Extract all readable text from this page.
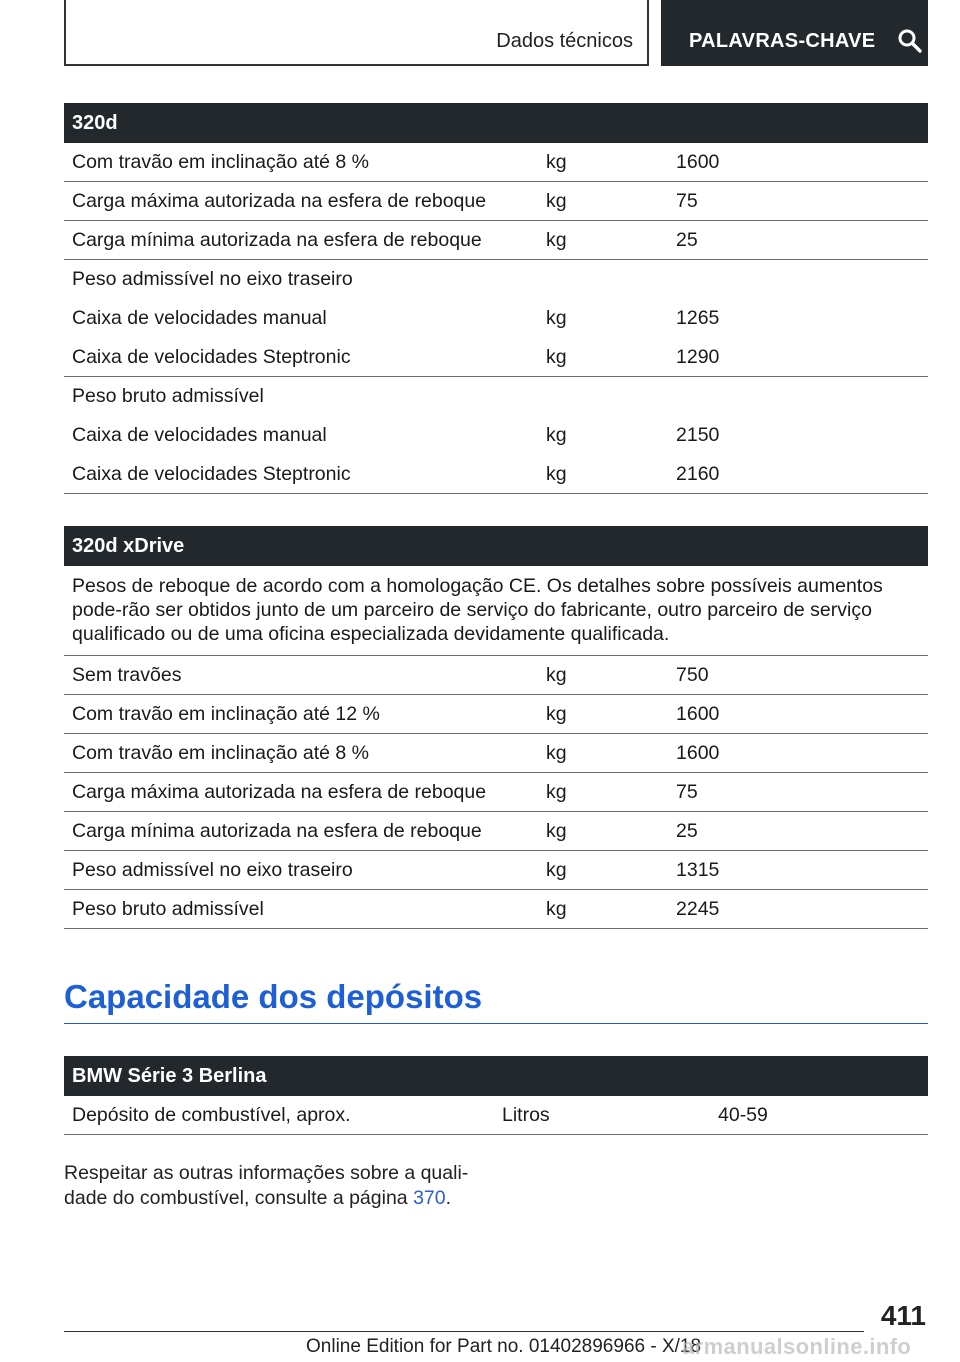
Dados técnicos	PALAVRAS-CHAVE
320d
Com travão em inclinação até 8 %	kg	1600
Carga máxima autorizada na esfera de reboque	kg	75
Carga mínima autorizada na esfera de reboque	kg	25
Peso admissível no eixo traseiro
Caixa de velocidades manual	kg	1265
Caixa de velocidades Steptronic	kg	1290
Peso bruto admissível
Caixa de velocidades manual	kg	2150
Caixa de velocidades Steptronic	kg	2160
320d xDrive
Pesos de reboque de acordo com a homologação CE. Os detalhes sobre possíveis aumentos pode‐rão ser obtidos junto de um parceiro de serviço do fabricante, outro parceiro de serviço qualificado ou de uma oficina especializada devidamente qualificada.
Sem travões	kg	750
Com travão em inclinação até 12 %	kg	1600
Com travão em inclinação até 8 %	kg	1600
Carga máxima autorizada na esfera de reboque	kg	75
Carga mínima autorizada na esfera de reboque	kg	25
Peso admissível no eixo traseiro	kg	1315
Peso bruto admissível	kg	2245
Capacidade dos depósitos
BMW Série 3 Berlina
Depósito de combustível, aprox.	Litros	40-59
Respeitar as outras informações sobre a quali‐dade do combustível, consulte a página 370.
411
Online Edition for Part no. 01402896966 - X/18
armanualsonline.info
